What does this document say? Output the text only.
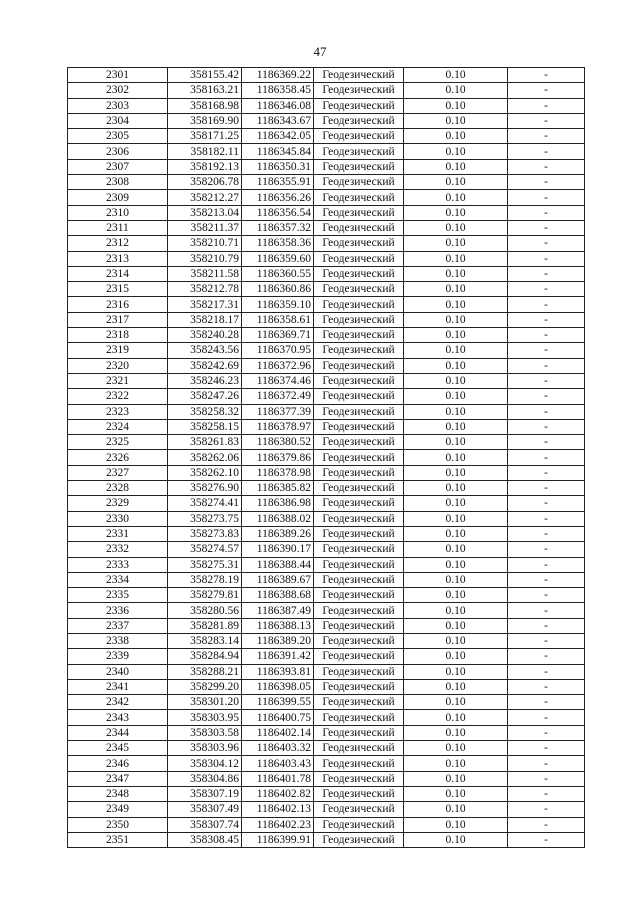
47
2301	358155.42	1186369.22	Геодезический	0.10	-
2302	358163.21	1186358.45	Геодезический	0.10	-
2303	358168.98	1186346.08	Геодезический	0.10	-
2304	358169.90	1186343.67	Геодезический	0.10	-
2305	358171.25	1186342.05	Геодезический	0.10	-
2306	358182.11	1186345.84	Геодезический	0.10	-
2307	358192.13	1186350.31	Геодезический	0.10	-
2308	358206.78	1186355.91	Геодезический	0.10	-
2309	358212.27	1186356.26	Геодезический	0.10	-
2310	358213.04	1186356.54	Геодезический	0.10	-
2311	358211.37	1186357.32	Геодезический	0.10	-
2312	358210.71	1186358.36	Геодезический	0.10	-
2313	358210.79	1186359.60	Геодезический	0.10	-
2314	358211.58	1186360.55	Геодезический	0.10	-
2315	358212.78	1186360.86	Геодезический	0.10	-
2316	358217.31	1186359.10	Геодезический	0.10	-
2317	358218.17	1186358.61	Геодезический	0.10	-
2318	358240.28	1186369.71	Геодезический	0.10	-
2319	358243.56	1186370.95	Геодезический	0.10	-
2320	358242.69	1186372.96	Геодезический	0.10	-
2321	358246.23	1186374.46	Геодезический	0.10	-
2322	358247.26	1186372.49	Геодезический	0.10	-
2323	358258.32	1186377.39	Геодезический	0.10	-
2324	358258.15	1186378.97	Геодезический	0.10	-
2325	358261.83	1186380.52	Геодезический	0.10	-
2326	358262.06	1186379.86	Геодезический	0.10	-
2327	358262.10	1186378.98	Геодезический	0.10	-
2328	358276.90	1186385.82	Геодезический	0.10	-
2329	358274.41	1186386.98	Геодезический	0.10	-
2330	358273.75	1186388.02	Геодезический	0.10	-
2331	358273.83	1186389.26	Геодезический	0.10	-
2332	358274.57	1186390.17	Геодезический	0.10	-
2333	358275.31	1186388.44	Геодезический	0.10	-
2334	358278.19	1186389.67	Геодезический	0.10	-
2335	358279.81	1186388.68	Геодезический	0.10	-
2336	358280.56	1186387.49	Геодезический	0.10	-
2337	358281.89	1186388.13	Геодезический	0.10	-
2338	358283.14	1186389.20	Геодезический	0.10	-
2339	358284.94	1186391.42	Геодезический	0.10	-
2340	358288.21	1186393.81	Геодезический	0.10	-
2341	358299.20	1186398.05	Геодезический	0.10	-
2342	358301.20	1186399.55	Геодезический	0.10	-
2343	358303.95	1186400.75	Геодезический	0.10	-
2344	358303.58	1186402.14	Геодезический	0.10	-
2345	358303.96	1186403.32	Геодезический	0.10	-
2346	358304.12	1186403.43	Геодезический	0.10	-
2347	358304.86	1186401.78	Геодезический	0.10	-
2348	358307.19	1186402.82	Геодезический	0.10	-
2349	358307.49	1186402.13	Геодезический	0.10	-
2350	358307.74	1186402.23	Геодезический	0.10	-
2351	358308.45	1186399.91	Геодезический	0.10	-
